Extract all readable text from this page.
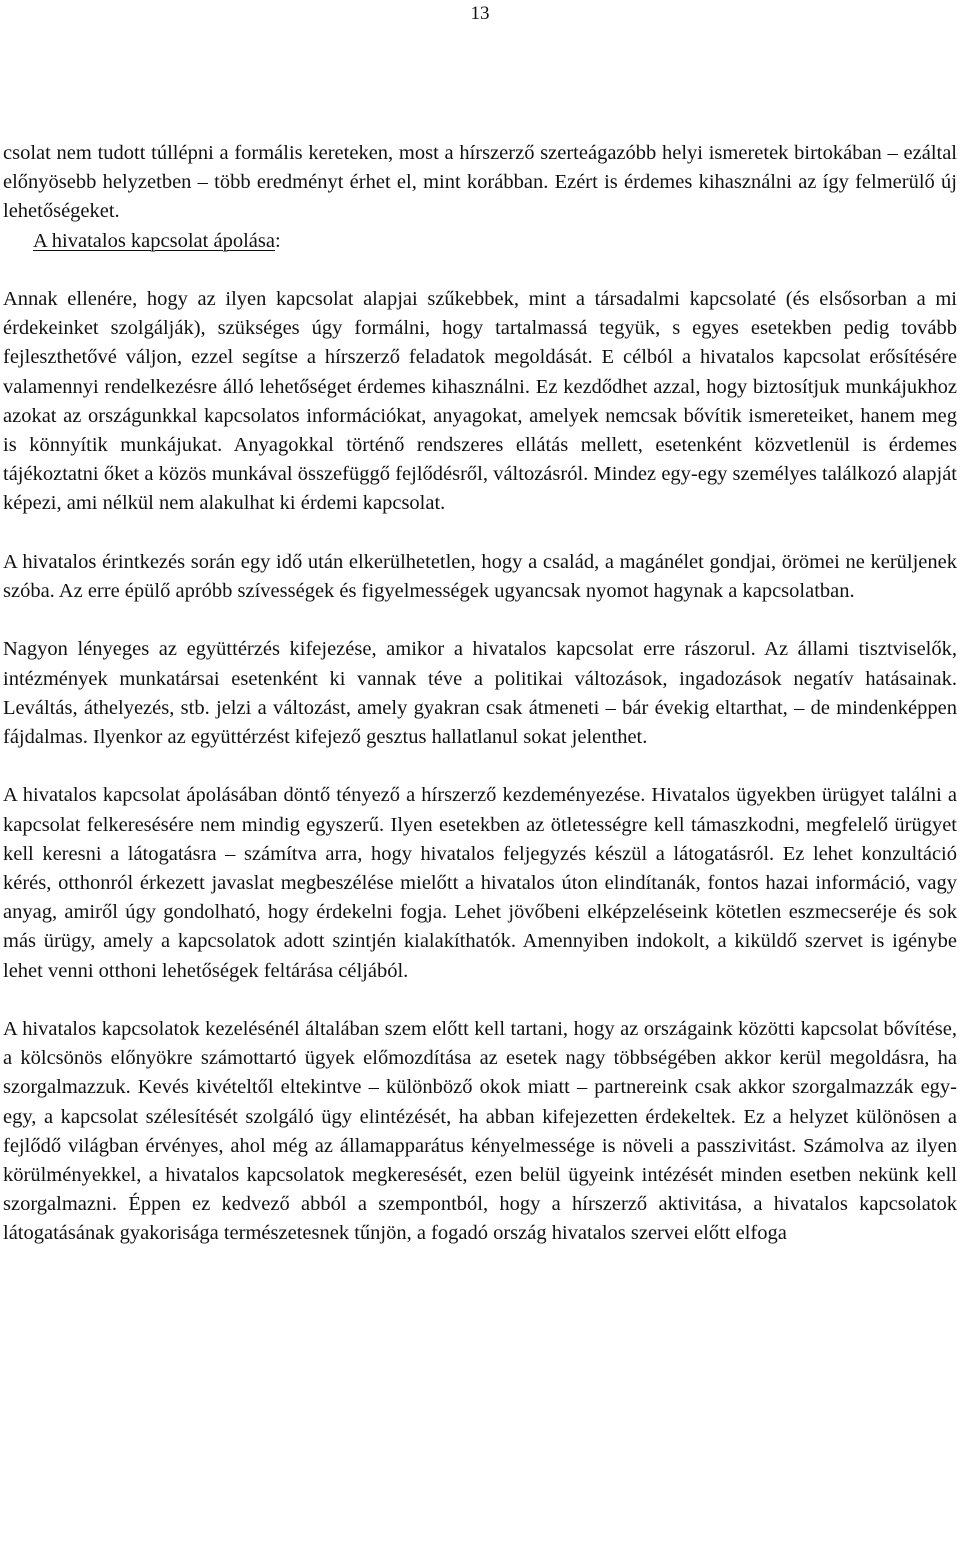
13

csolat nem tudott túllépni a formális kereteken, most a hírszerző szerteágazóbb helyi ismeretek birtokában – ezáltal előnyösebb helyzetben – több eredményt érhet el, mint korábban. Ezért is érdemes kihasználni az így felmerülő új lehetőségeket.

A hivatalos kapcsolat ápolása:

Annak ellenére, hogy az ilyen kapcsolat alapjai szűkebbek, mint a társadalmi kapcsolaté (és elsősorban a mi érdekeinket szolgálják), szükséges úgy formálni, hogy tartalmassá tegyük, s egyes esetekben pedig tovább fejleszthetővé váljon, ezzel segítse a hírszerző feladatok megoldását. E célból a hivatalos kapcsolat erősítésére valamennyi rendelkezésre álló lehetőséget érdemes kihasználni. Ez kezdődhet azzal, hogy biztosítjuk munkájukhoz azokat az országunkkal kapcsolatos információkat, anyagokat, amelyek nemcsak bővítik ismereteiket, hanem meg is könnyítik munkájukat. Anyagokkal történő rendszeres ellátás mellett, esetenként közvetlenül is érdemes tájékoztatni őket a közös munkával összefüggő fejlődésről, változásról. Mindez egy-egy személyes találkozó alapját képezi, ami nélkül nem alakulhat ki érdemi kapcsolat.

A hivatalos érintkezés során egy idő után elkerülhetetlen, hogy a család, a magánélet gondjai, örömei ne kerüljenek szóba. Az erre épülő apróbb szívességek és figyelmességek ugyancsak nyomot hagynak a kapcsolatban.

Nagyon lényeges az együttérzés kifejezése, amikor a hivatalos kapcsolat erre rászorul. Az állami tisztviselők, intézmények munkatársai esetenként ki vannak téve a politikai változások, ingadozások negatív hatásainak. Leváltás, áthelyezés, stb. jelzi a változást, amely gyakran csak átmeneti – bár évekig eltarthat, – de mindenképpen fájdalmas. Ilyenkor az együttérzést kifejező gesztus hallatlanul sokat jelenthet.

A hivatalos kapcsolat ápolásában döntő tényező a hírszerző kezdeményezése. Hivatalos ügyekben ürügyet találni a kapcsolat felkeresésére nem mindig egyszerű. Ilyen esetekben az ötletességre kell támaszkodni, megfelelő ürügyet kell keresni a látogatásra – számítva arra, hogy hivatalos feljegyzés készül a látogatásról. Ez lehet konzultáció kérés, otthonról érkezett javaslat megbeszélése mielőtt a hivatalos úton elindítanák, fontos hazai információ, vagy anyag, amiről úgy gondolható, hogy érdekelni fogja. Lehet jövőbeni elképzeléseink kötetlen eszmecseréje és sok más ürügy, amely a kapcsolatok adott szintjén kialakíthatók. Amennyiben indokolt, a kiküldő szervet is igénybe lehet venni otthoni lehetőségek feltárása céljából.

A hivatalos kapcsolatok kezelésénél általában szem előtt kell tartani, hogy az országaink közötti kapcsolat bővítése, a kölcsönös előnyökre számottartó ügyek előmozdítása az esetek nagy többségében akkor kerül megoldásra, ha szorgalmazzuk. Kevés kivételtől eltekintve – különböző okok miatt – partnereink csak akkor szorgalmazzák egy-egy, a kapcsolat szélesítését szolgáló ügy elintézését, ha abban kifejezetten érdekeltek. Ez a helyzet különösen a fejlődő világban érvényes, ahol még az államapparátus kényelmessége is növeli a passzivitást. Számolva az ilyen körülményekkel, a hivatalos kapcsolatok megkeresését, ezen belül ügyeink intézését minden esetben nekünk kell szorgalmazni. Éppen ez kedvező abból a szempontból, hogy a hírszerző aktivitása, a hivatalos kapcsolatok látogatásának gyakorisága természetesnek tűnjön, a fogadó ország hivatalos szervei előtt elfoga
